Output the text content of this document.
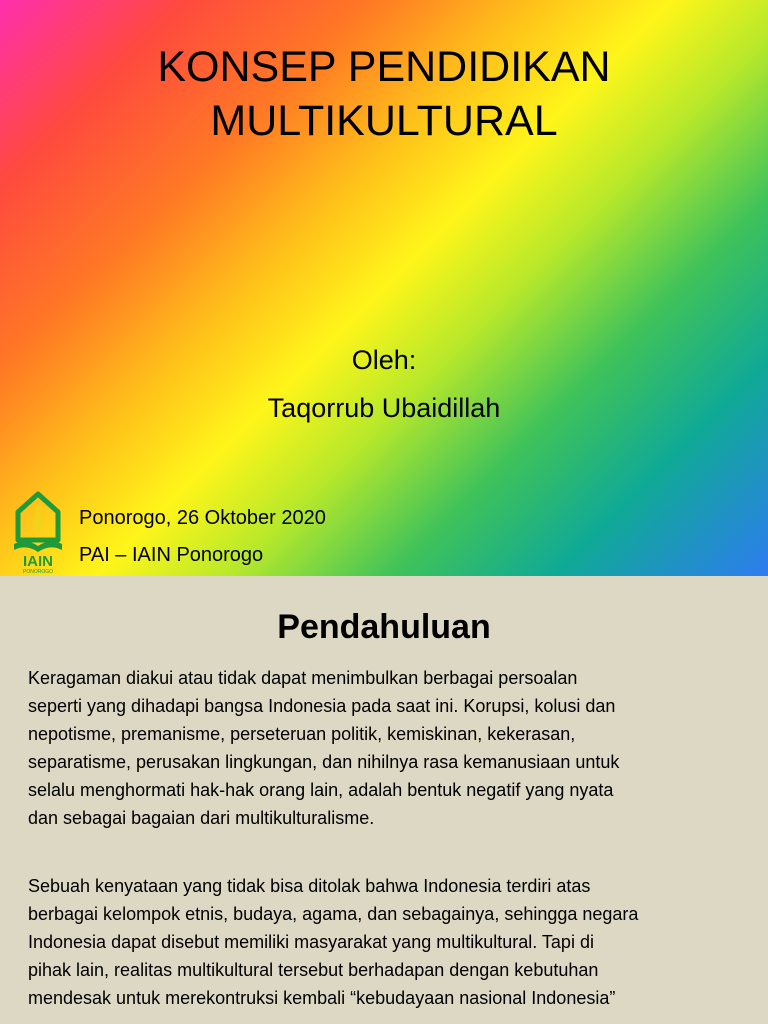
KONSEP PENDIDIKAN
MULTIKULTURAL
Oleh:
Taqorrub Ubaidillah
IAIN
PONOROGO
Ponorogo, 26 Oktober 2020
PAI – IAIN Ponorogo
Pendahuluan

Keragaman diakui atau tidak dapat menimbulkan berbagai persoalan
seperti yang dihadapi bangsa Indonesia pada saat ini. Korupsi, kolusi dan
nepotisme, premanisme, perseteruan politik, kemiskinan, kekerasan,
separatisme, perusakan lingkungan, dan nihilnya rasa kemanusiaan untuk
selalu menghormati hak-hak orang lain, adalah bentuk negatif yang nyata
dan sebagai bagaian dari multikulturalisme.

Sebuah kenyataan yang tidak bisa ditolak bahwa Indonesia terdiri atas
berbagai kelompok etnis, budaya, agama, dan sebagainya, sehingga negara
Indonesia dapat disebut memiliki masyarakat yang multikultural. Tapi di
pihak lain, realitas multikultural tersebut berhadapan dengan kebutuhan
mendesak untuk merekontruksi kembali “kebudayaan nasional Indonesia”
